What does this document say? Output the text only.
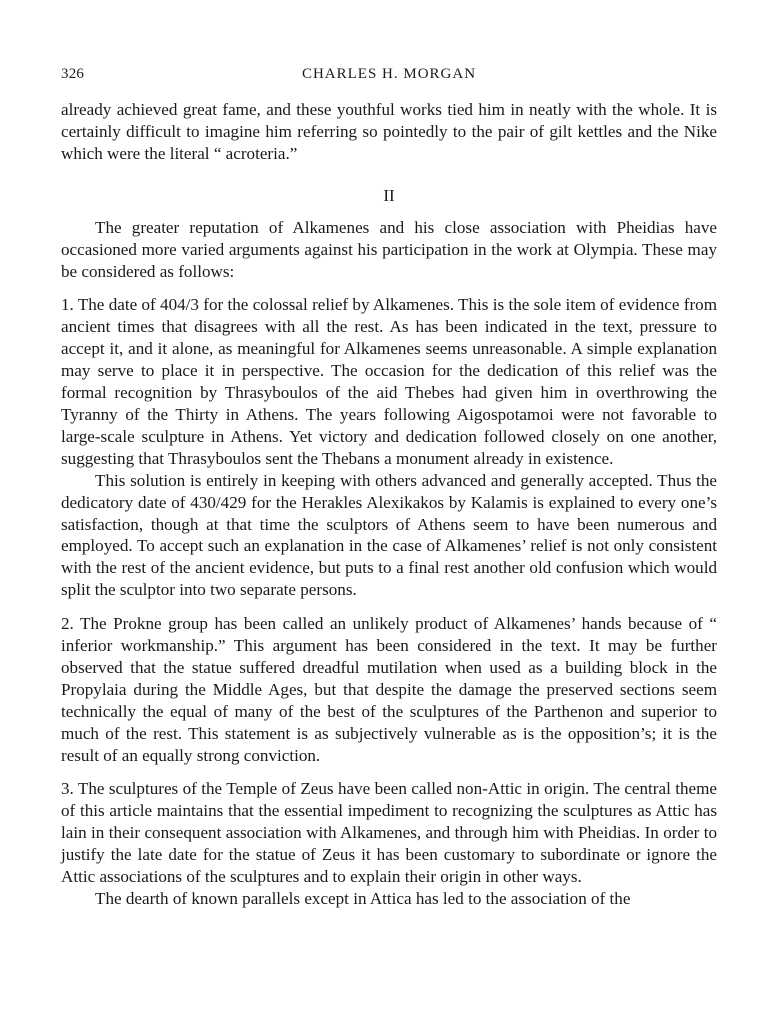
326	CHARLES H. MORGAN

already achieved great fame, and these youthful works tied him in neatly with the whole. It is certainly difficult to imagine him referring so pointedly to the pair of gilt kettles and the Nike which were the literal “ acroteria.”

II

The greater reputation of Alkamenes and his close association with Pheidias have occasioned more varied arguments against his participation in the work at Olympia. These may be considered as follows:

1. The date of 404/3 for the colossal relief by Alkamenes. This is the sole item of evidence from ancient times that disagrees with all the rest. As has been indicated in the text, pressure to accept it, and it alone, as meaningful for Alkamenes seems unreasonable. A simple explanation may serve to place it in perspective. The occasion for the dedication of this relief was the formal recognition by Thrasyboulos of the aid Thebes had given him in overthrowing the Tyranny of the Thirty in Athens. The years following Aigospotamoi were not favorable to large-scale sculpture in Athens. Yet victory and dedication followed closely on one another, suggesting that Thrasyboulos sent the Thebans a monument already in existence.

This solution is entirely in keeping with others advanced and generally accepted. Thus the dedicatory date of 430/429 for the Herakles Alexikakos by Kalamis is explained to every one’s satisfaction, though at that time the sculptors of Athens seem to have been numerous and employed. To accept such an explanation in the case of Alkamenes’ relief is not only consistent with the rest of the ancient evidence, but puts to a final rest another old confusion which would split the sculptor into two separate persons.

2. The Prokne group has been called an unlikely product of Alkamenes’ hands because of “ inferior workmanship.” This argument has been considered in the text. It may be further observed that the statue suffered dreadful mutilation when used as a building block in the Propylaia during the Middle Ages, but that despite the damage the preserved sections seem technically the equal of many of the best of the sculptures of the Parthenon and superior to much of the rest. This statement is as subjectively vulnerable as is the opposition’s; it is the result of an equally strong conviction.

3. The sculptures of the Temple of Zeus have been called non-Attic in origin. The central theme of this article maintains that the essential impediment to recognizing the sculptures as Attic has lain in their consequent association with Alkamenes, and through him with Pheidias. In order to justify the late date for the statue of Zeus it has been customary to subordinate or ignore the Attic associations of the sculptures and to explain their origin in other ways.

The dearth of known parallels except in Attica has led to the association of the
